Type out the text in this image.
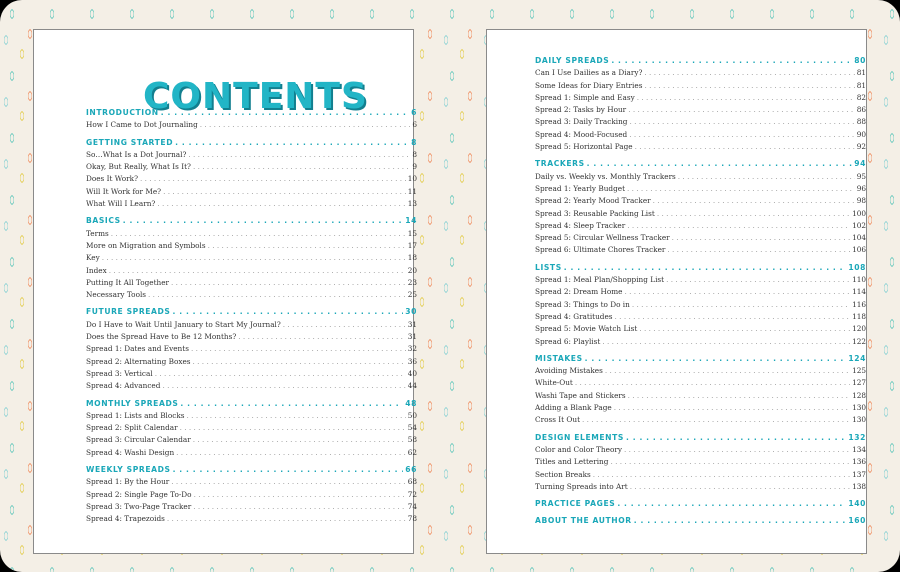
CONTENTS
INTRODUCTION . . .	6
How I Came to Dot Journaling . . .	6
GETTING STARTED . . .	8
So…What Is a Dot Journal? . . .	8
Okay, But Really, What Is It? . . .	9
Does It Work? . . .	10
Will It Work for Me? . . .	11
What Will I Learn? . . .	13
BASICS . . .	14
Terms . . .	15
More on Migration and Symbols . . .	17
Key . . .	18
Index . . .	20
Putting It All Together . . .	23
Necessary Tools . . .	25
FUTURE SPREADS . . .	30
Do I Have to Wait Until January to Start My Journal? . . .	31
Does the Spread Have to Be 12 Months? . . .	31
Spread 1: Dates and Events . . .	32
Spread 2: Alternating Boxes . . .	36
Spread 3: Vertical . . .	40
Spread 4: Advanced . . .	44
MONTHLY SPREADS . . .	48
Spread 1: Lists and Blocks . . .	50
Spread 2: Split Calendar . . .	54
Spread 3: Circular Calendar . . .	58
Spread 4: Washi Design . . .	62
WEEKLY SPREADS . . .	66
Spread 1: By the Hour . . .	68
Spread 2: Single Page To-Do . . .	72
Spread 3: Two-Page Tracker . . .	74
Spread 4: Trapezoids . . .	78
DAILY SPREADS . . .	80
Can I Use Dailies as a Diary? . . .	81
Some Ideas for Diary Entries . . .	81
Spread 1: Simple and Easy . . .	82
Spread 2: Tasks by Hour . . .	86
Spread 3: Daily Tracking . . .	88
Spread 4: Mood-Focused . . .	90
Spread 5: Horizontal Page . . .	92
TRACKERS . . .	94
Daily vs. Weekly vs. Monthly Trackers . . .	95
Spread 1: Yearly Budget . . .	96
Spread 2: Yearly Mood Tracker . . .	98
Spread 3: Reusable Packing List . . .	100
Spread 4: Sleep Tracker . . .	102
Spread 5: Circular Wellness Tracker . . .	104
Spread 6: Ultimate Chores Tracker . . .	106
LISTS . . .	108
Spread 1: Meal Plan/Shopping List . . .	110
Spread 2: Dream Home . . .	114
Spread 3: Things to Do in . . .	116
Spread 4: Gratitudes . . .	118
Spread 5: Movie Watch List . . .	120
Spread 6: Playlist . . .	122
MISTAKES . . .	124
Avoiding Mistakes . . .	125
White-Out . . .	127
Washi Tape and Stickers . . .	128
Adding a Blank Page . . .	130
Cross It Out . . .	130
DESIGN ELEMENTS . . .	132
Color and Color Theory . . .	134
Titles and Lettering . . .	136
Section Breaks . . .	137
Turning Spreads into Art . . .	138
PRACTICE PAGES . . .	140
ABOUT THE AUTHOR . . .	160
